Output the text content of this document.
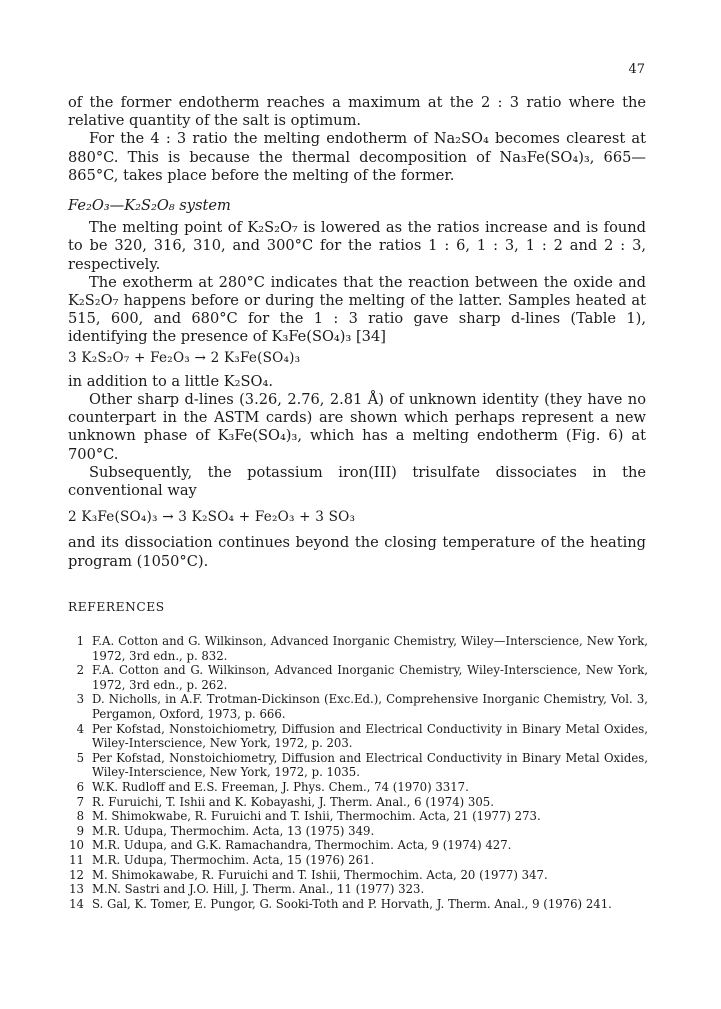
47

of the former endotherm reaches a maximum at the 2 : 3 ratio where the relative quantity of the salt is optimum.

For the 4 : 3 ratio the melting endotherm of Na₂SO₄ becomes clearest at 880°C. This is because the thermal decomposition of Na₃Fe(SO₄)₃, 665—865°C, takes place before the melting of the former.

Fe₂O₃—K₂S₂O₈ system

The melting point of K₂S₂O₇ is lowered as the ratios increase and is found to be 320, 316, 310, and 300°C for the ratios 1 : 6, 1 : 3, 1 : 2 and 2 : 3, respectively.

The exotherm at 280°C indicates that the reaction between the oxide and K₂S₂O₇ happens before or during the melting of the latter. Samples heated at 515, 600, and 680°C for the 1 : 3 ratio gave sharp d-lines (Table 1), identifying the presence of K₃Fe(SO₄)₃ [34]

3 K₂S₂O₇ + Fe₂O₃ → 2 K₃Fe(SO₄)₃

in addition to a little K₂SO₄.

Other sharp d-lines (3.26, 2.76, 2.81 Å) of unknown identity (they have no counterpart in the ASTM cards) are shown which perhaps represent a new unknown phase of K₃Fe(SO₄)₃, which has a melting endotherm (Fig. 6) at 700°C.

Subsequently, the potassium iron(III) trisulfate dissociates in the conventional way

2 K₃Fe(SO₄)₃ → 3 K₂SO₄ + Fe₂O₃ + 3 SO₃

and its dissociation continues beyond the closing temperature of the heating program (1050°C).

REFERENCES
1 F.A. Cotton and G. Wilkinson, Advanced Inorganic Chemistry, Wiley—Interscience, New York, 1972, 3rd edn., p. 832.
2 F.A. Cotton and G. Wilkinson, Advanced Inorganic Chemistry, Wiley-Interscience, New York, 1972, 3rd edn., p. 262.
3 D. Nicholls, in A.F. Trotman-Dickinson (Exc.Ed.), Comprehensive Inorganic Chemistry, Vol. 3, Pergamon, Oxford, 1973, p. 666.
4 Per Kofstad, Nonstoichiometry, Diffusion and Electrical Conductivity in Binary Metal Oxides, Wiley-Interscience, New York, 1972, p. 203.
5 Per Kofstad, Nonstoichiometry, Diffusion and Electrical Conductivity in Binary Metal Oxides, Wiley-Interscience, New York, 1972, p. 1035.
6 W.K. Rudloff and E.S. Freeman, J. Phys. Chem., 74 (1970) 3317.
7 R. Furuichi, T. Ishii and K. Kobayashi, J. Therm. Anal., 6 (1974) 305.
8 M. Shimokwabe, R. Furuichi and T. Ishii, Thermochim. Acta, 21 (1977) 273.
9 M.R. Udupa, Thermochim. Acta, 13 (1975) 349.
10 M.R. Udupa, and G.K. Ramachandra, Thermochim. Acta, 9 (1974) 427.
11 M.R. Udupa, Thermochim. Acta, 15 (1976) 261.
12 M. Shimokawabe, R. Furuichi and T. Ishii, Thermochim. Acta, 20 (1977) 347.
13 M.N. Sastri and J.O. Hill, J. Therm. Anal., 11 (1977) 323.
14 S. Gal, K. Tomer, E. Pungor, G. Sooki-Toth and P. Horvath, J. Therm. Anal., 9 (1976) 241.
